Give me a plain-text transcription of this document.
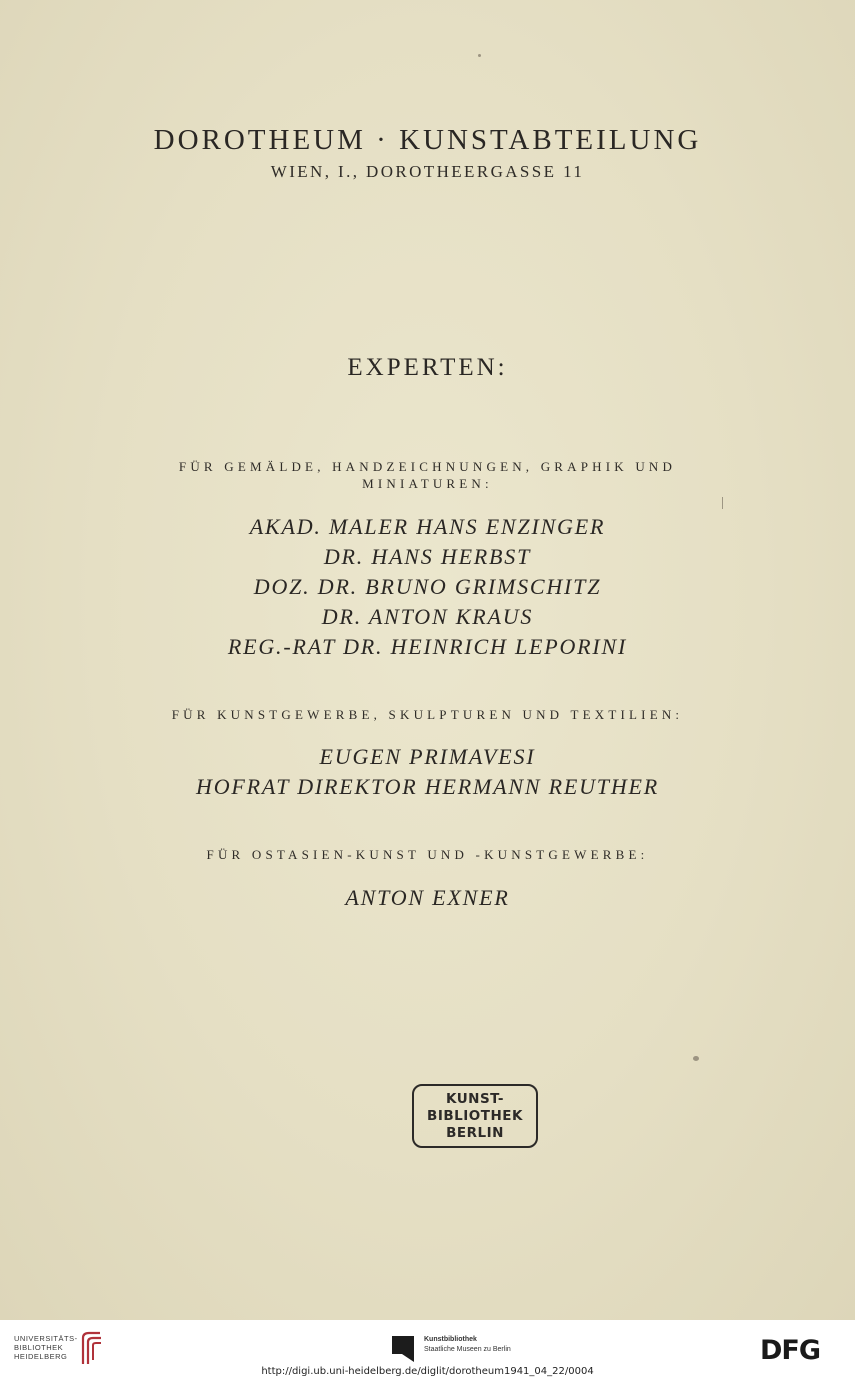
DOROTHEUM · KUNSTABTEILUNG
WIEN, I., DOROTHEERGASSE 11
EXPERTEN:
FÜR GEMÄLDE, HANDZEICHNUNGEN, GRAPHIK UND
MINIATUREN:
AKAD. MALER HANS ENZINGER
DR. HANS HERBST
DOZ. DR. BRUNO GRIMSCHITZ
DR. ANTON KRAUS
REG.-RAT DR. HEINRICH LEPORINI
FÜR KUNSTGEWERBE, SKULPTUREN UND TEXTILIEN:
EUGEN PRIMAVESI
HOFRAT DIREKTOR HERMANN REUTHER
FÜR OSTASIEN-KUNST UND -KUNSTGEWERBE:
ANTON EXNER
KUNST-
BIBLIOTHEK
BERLIN
UNIVERSITÄTS-
BIBLIOTHEK
HEIDELBERG
Kunstbibliothek
Staatliche Museen zu Berlin	DFG
http://digi.ub.uni-heidelberg.de/diglit/dorotheum1941_04_22/0004
